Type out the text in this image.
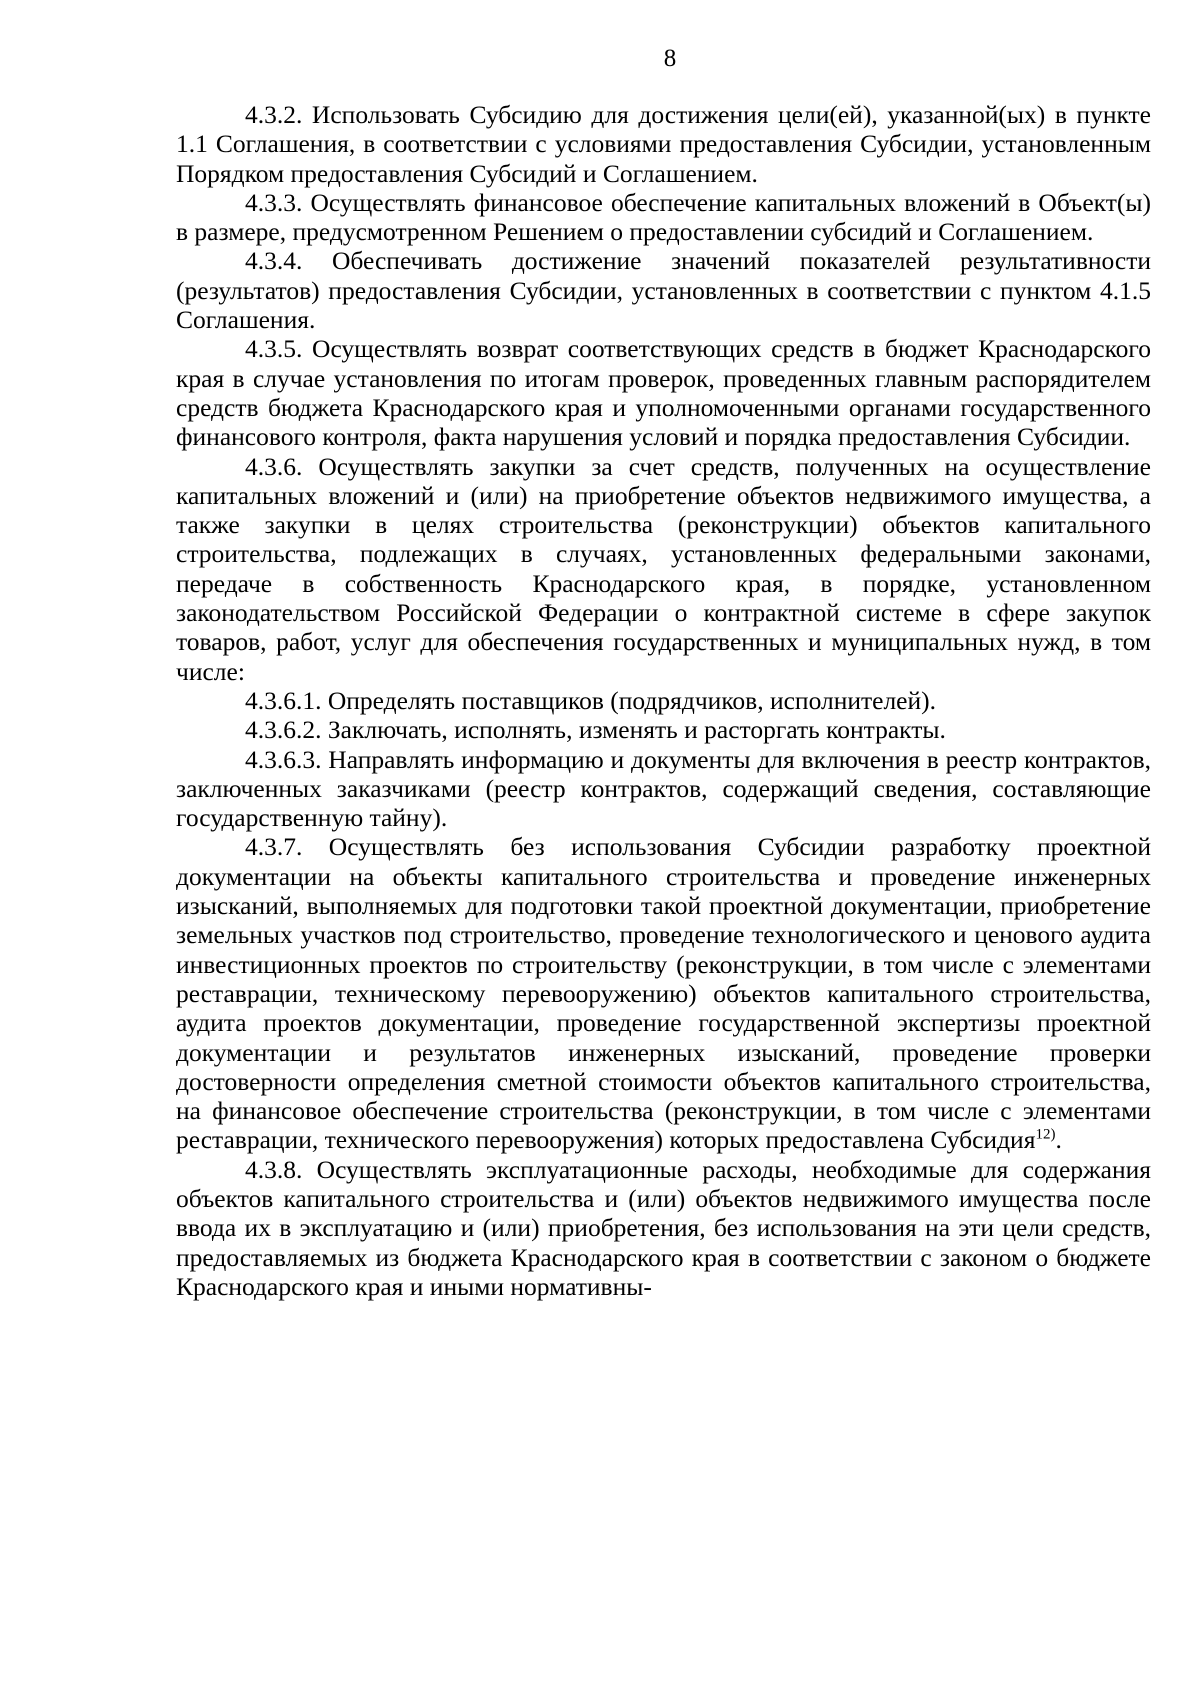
8

4.3.2. Использовать Субсидию для достижения цели(ей), указанной(ых) в пункте 1.1 Соглашения, в соответствии с условиями предоставления Субсидии, установленным Порядком предоставления Субсидий и Соглашением.

4.3.3. Осуществлять финансовое обеспечение капитальных вложений в Объект(ы) в размере, предусмотренном Решением о предоставлении субсидий и Соглашением.

4.3.4. Обеспечивать достижение значений показателей результативности (результатов) предоставления Субсидии, установленных в соответствии с пунктом 4.1.5 Соглашения.

4.3.5. Осуществлять возврат соответствующих средств в бюджет Краснодарского края в случае установления по итогам проверок, проведенных главным распорядителем средств бюджета Краснодарского края и уполномоченными органами государственного финансового контроля, факта нарушения условий и порядка предоставления Субсидии.

4.3.6. Осуществлять закупки за счет средств, полученных на осуществление капитальных вложений и (или) на приобретение объектов недвижимого имущества, а также закупки в целях строительства (реконструкции) объектов капитального строительства, подлежащих в случаях, установленных федеральными законами, передаче в собственность Краснодарского края, в порядке, установленном законодательством Российской Федерации о контрактной системе в сфере закупок товаров, работ, услуг для обеспечения государственных и муниципальных нужд, в том числе:

4.3.6.1. Определять поставщиков (подрядчиков, исполнителей).

4.3.6.2. Заключать, исполнять, изменять и расторгать контракты.

4.3.6.3. Направлять информацию и документы для включения в реестр контрактов, заключенных заказчиками (реестр контрактов, содержащий сведения, составляющие государственную тайну).

4.3.7. Осуществлять без использования Субсидии разработку проектной документации на объекты капитального строительства и проведение инженерных изысканий, выполняемых для подготовки такой проектной документации, приобретение земельных участков под строительство, проведение технологического и ценового аудита инвестиционных проектов по строительству (реконструкции, в том числе с элементами реставрации, техническому перевооружению) объектов капитального строительства, аудита проектов документации, проведение государственной экспертизы проектной документации и результатов инженерных изысканий, проведение проверки достоверности определения сметной стоимости объектов капитального строительства, на финансовое обеспечение строительства (реконструкции, в том числе с элементами реставрации, технического перевооружения) которых предоставлена Субсидия$^{12)}$.

4.3.8. Осуществлять эксплуатационные расходы, необходимые для содержания объектов капитального строительства и (или) объектов недвижимого имущества после ввода их в эксплуатацию и (или) приобретения, без использования на эти цели средств, предоставляемых из бюджета Краснодарского края в соответствии с законом о бюджете Краснодарского края и иными нормативны-
